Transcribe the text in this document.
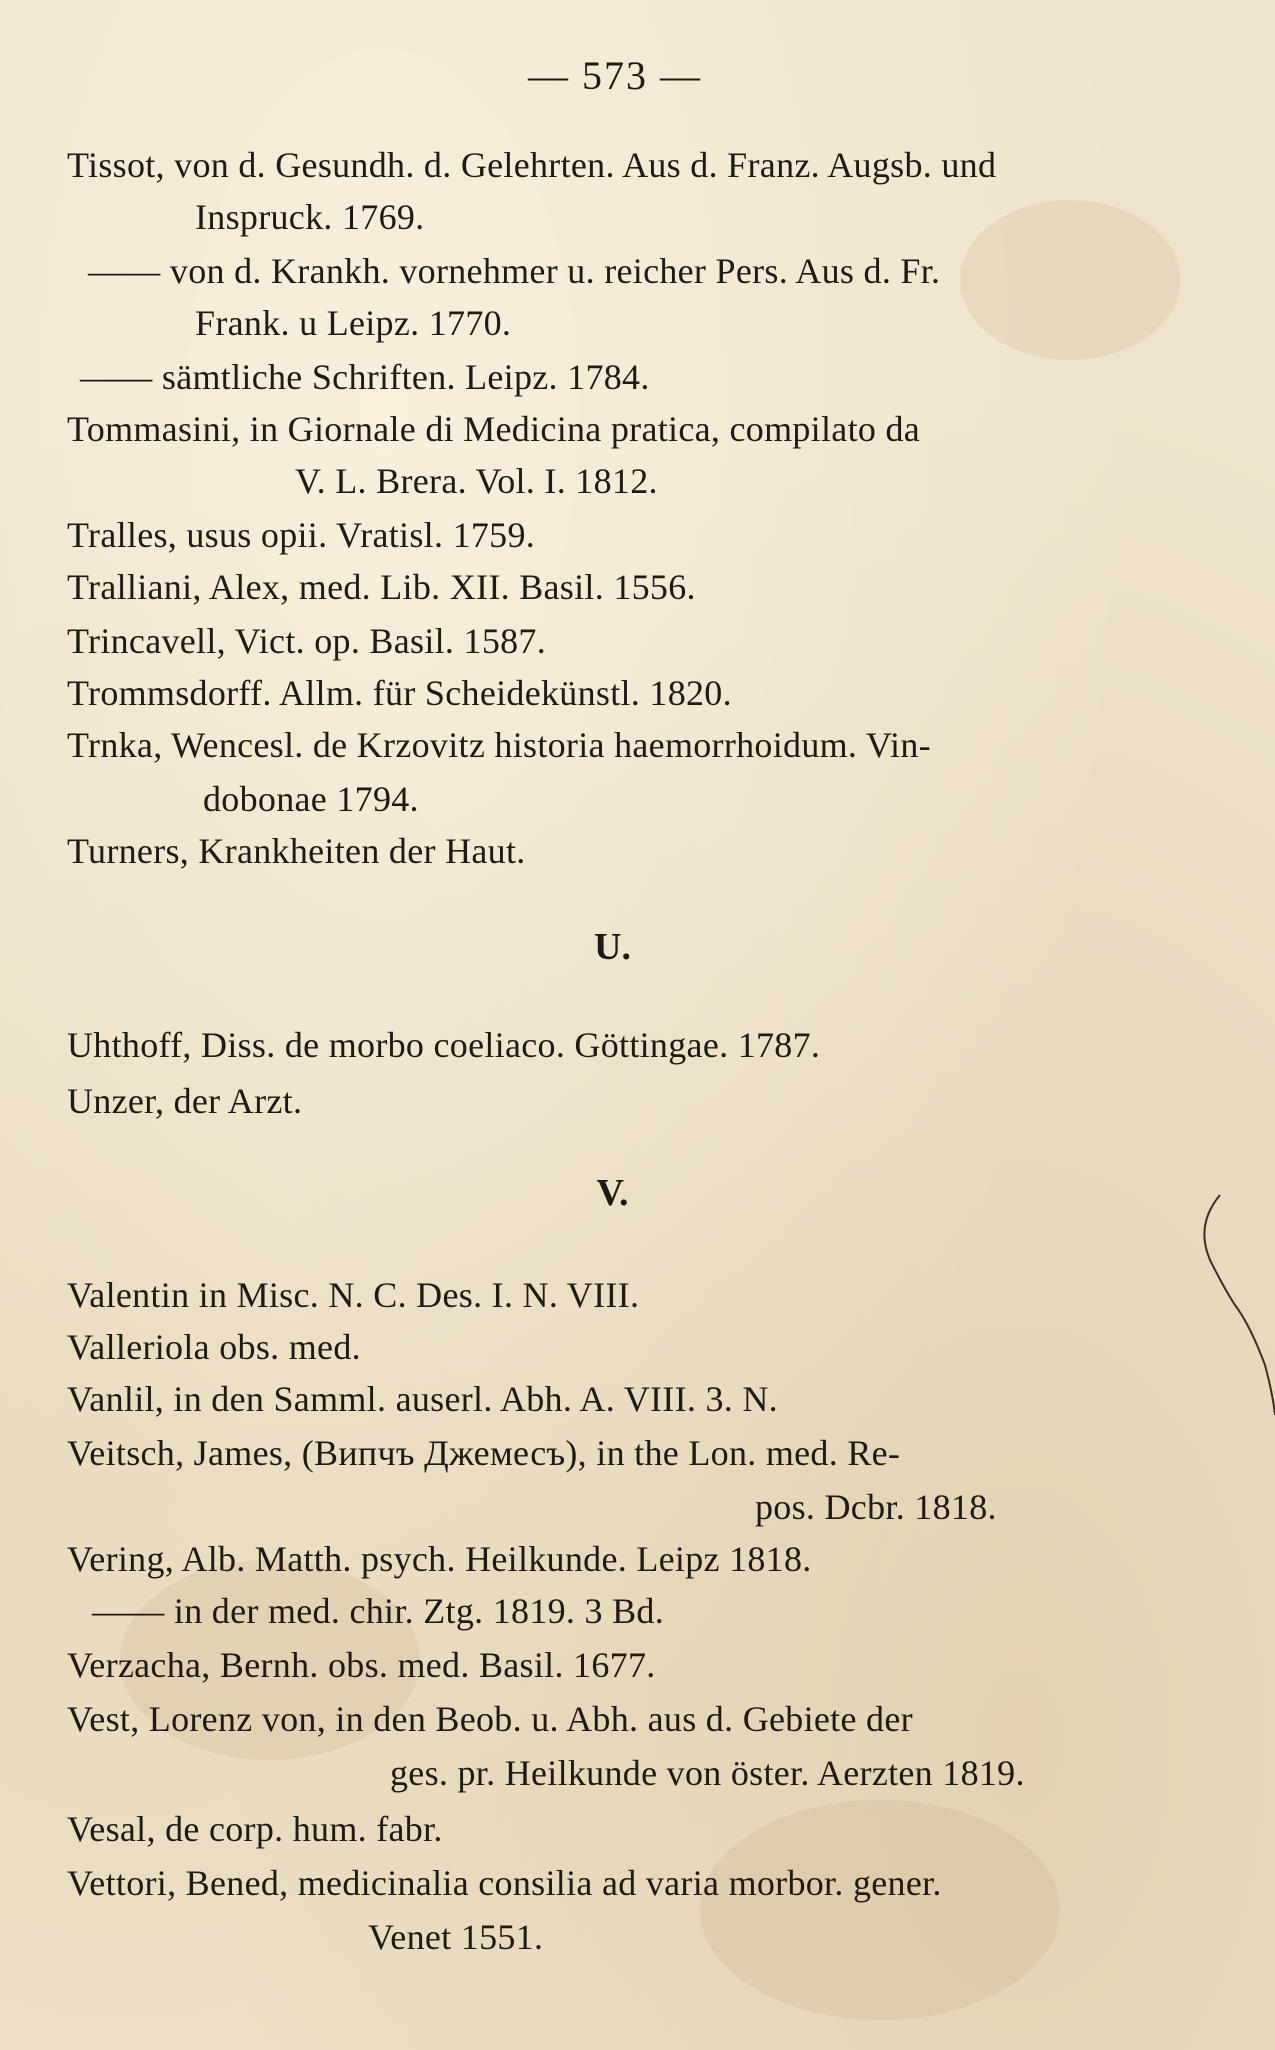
— 573 —
Tissot, von d. Gesundh. d. Gelehrten. Aus d. Franz. Augsb. und
Inspruck. 1769.
—— von d. Krankh. vornehmer u. reicher Pers. Aus d. Fr.
Frank. u Leipz. 1770.
—— sämtliche Schriften. Leipz. 1784.
Tommasini, in Giornale di Medicina pratica, compilato da
V. L. Brera. Vol. I. 1812.
Tralles, usus opii. Vratisl. 1759.
Tralliani, Alex, med. Lib. XII. Basil. 1556.
Trincavell, Vict. op. Basil. 1587.
Trommsdorff. Allm. für Scheidekünstl. 1820.
Trnka, Wencesl. de Krzovitz historia haemorrhoidum. Vin-
dobonae 1794.
Turners, Krankheiten der Haut.
U.
Uhthoff, Diss. de morbo coeliaco. Göttingae. 1787.
Unzer, der Arzt.
V.
Valentin in Misc. N. C. Des. I. N. VIII.
Valleriola obs. med.
Vanlil, in den Samml. auserl. Abh. A. VIII. 3. N.
Veitsch, James, (Випчъ Джемесъ), in the Lon. med. Re-
pos. Dcbr. 1818.
Vering, Alb. Matth. psych. Heilkunde. Leipz 1818.
—— in der med. chir. Ztg. 1819. 3 Bd.
Verzacha, Bernh. obs. med. Basil. 1677.
Vest, Lorenz von, in den Beob. u. Abh. aus d. Gebiete der
ges. pr. Heilkunde von öster. Aerzten 1819.
Vesal, de corp. hum. fabr.
Vettori, Bened, medicinalia consilia ad varia morbor. gener.
Venet 1551.
